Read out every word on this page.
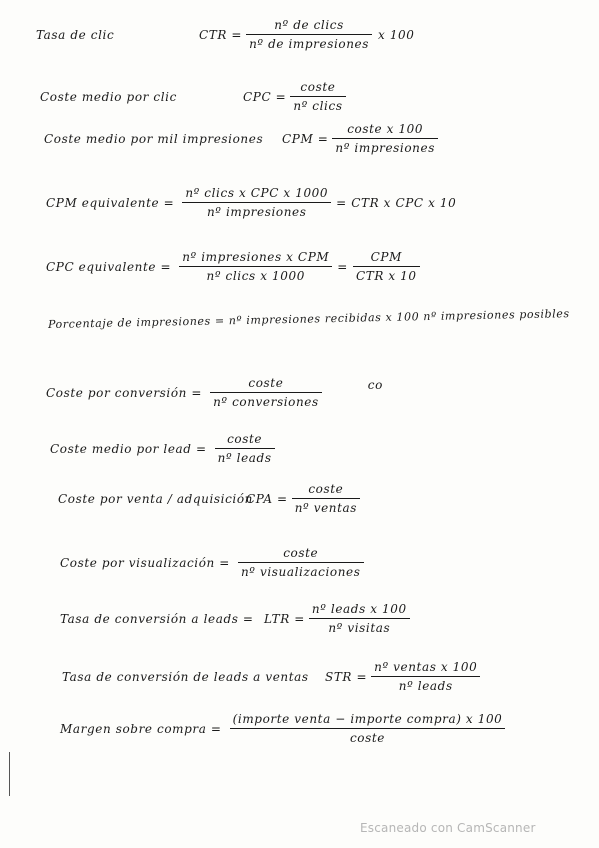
Tasa de clic	CTR = $\frac{\text{nº de clics}}{\text{nº de impresiones}}$ x 100
Coste medio por clic	CPC = $\frac{\text{coste}}{\text{nº clics}}$
Coste medio por mil impresiones	CPM = $\frac{\text{coste x 100}}{\text{nº impresiones}}$
CPM equivalente = $\frac{\text{nº clics x CPC x 1000}}{\text{nº impresiones}}$ = CTR x CPC x 10
CPC equivalente = $\frac{\text{nº impresiones x CPM}}{\text{nº clics x 1000}} = \frac{\text{CPM}}{\text{CTR x 10}}$
Porcentaje de impresiones = nº impresiones recibidas x 100 nº impresiones posibles
Coste por conversión = $\frac{\text{coste}}{\text{nº conversiones}}$	co
Coste medio por lead = $\frac{\text{coste}}{\text{nº leads}}$
Coste por venta / adquisición
CPA = $\frac{\text{coste}}{\text{nº ventas}}$
Coste por visualización = $\frac{\text{coste}}{\text{nº visualizaciones}}$
Tasa de conversión a leads = LTR = $\frac{\text{nº leads x 100}}{\text{nº visitas}}$
Tasa de conversión de leads a ventas	STR = $\frac{\text{nº ventas x 100}}{\text{nº leads}}$
Margen sobre compra = $\frac{\text{(importe venta − importe compra) x 100}}{\text{coste}}$
Escaneado con CamScanner
